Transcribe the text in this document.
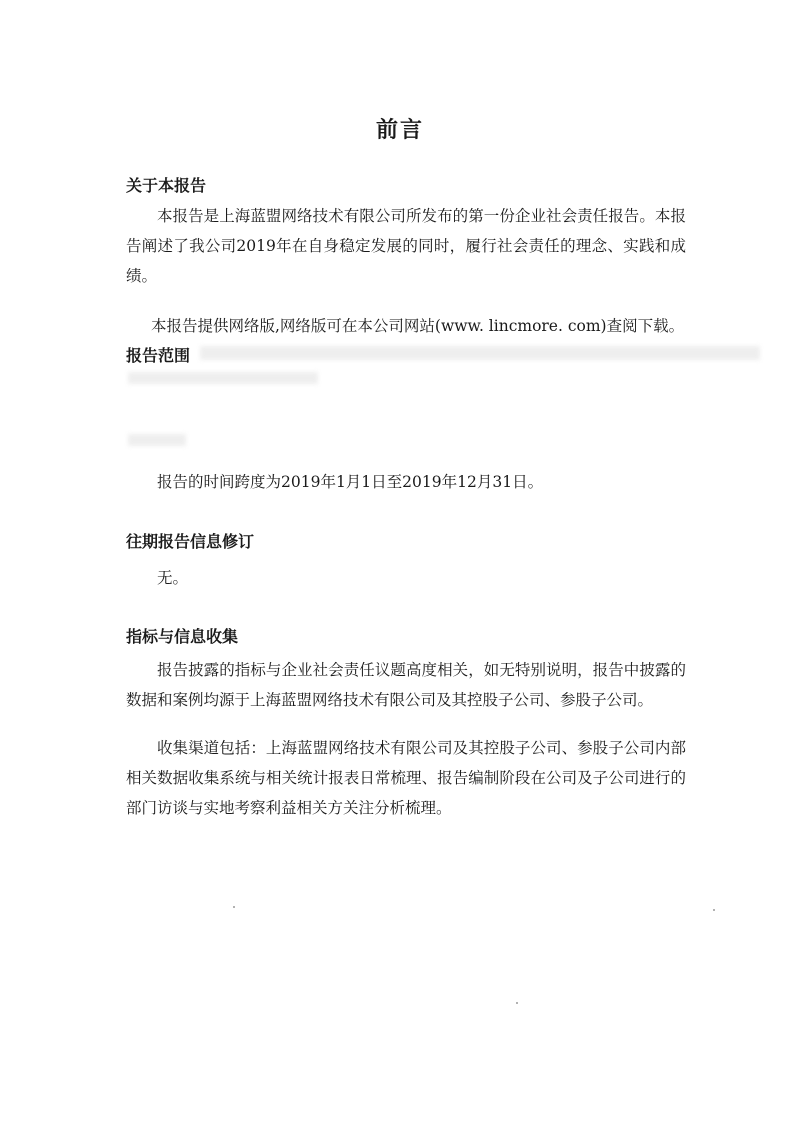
前言
关于本报告

本报告是上海蓝盟网络技术有限公司所发布的第一份企业社会责任报告。本报告阐述了我公司2019年在自身稳定发展的同时，履行社会责任的理念、实践和成绩。

本报告提供网络版,网络版可在本公司网站(www. lincmore. com)查阅下载。
报告范围
报告的时间跨度为2019年1月1日至2019年12月31日。
往期报告信息修订
无。
指标与信息收集

报告披露的指标与企业社会责任议题高度相关，如无特别说明，报告中披露的数据和案例均源于上海蓝盟网络技术有限公司及其控股子公司、参股子公司。

收集渠道包括：上海蓝盟网络技术有限公司及其控股子公司、参股子公司内部相关数据收集系统与相关统计报表日常梳理、报告编制阶段在公司及子公司进行的部门访谈与实地考察利益相关方关注分析梳理。
